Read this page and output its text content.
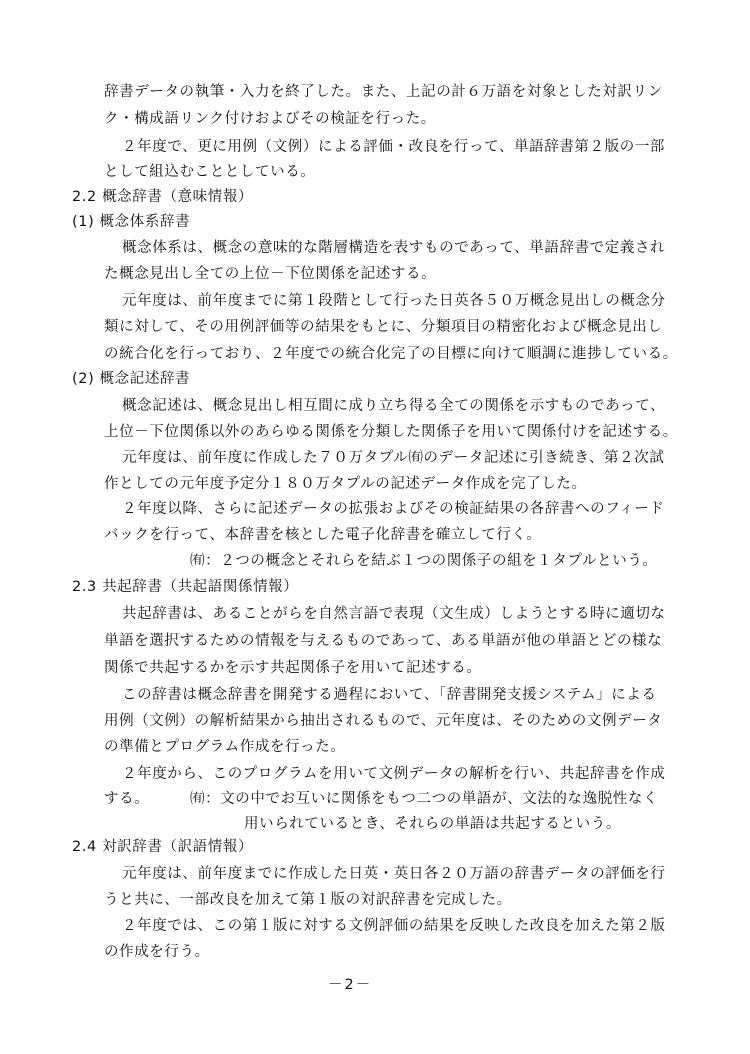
辞書データの執筆・入力を終了した。また、上記の計６万語を対象とした対訳リン
ク・構成語リンク付けおよびその検証を行った。
２年度で、更に用例（文例）による評価・改良を行って、単語辞書第２版の一部
として組込むこととしている。
2.2 概念辞書（意味情報）
(1) 概念体系辞書
概念体系は、概念の意味的な階層構造を表すものであって、単語辞書で定義され
た概念見出し全ての上位－下位関係を記述する。
元年度は、前年度までに第１段階として行った日英各５０万概念見出しの概念分
類に対して、その用例評価等の結果をもとに、分類項目の精密化および概念見出し
の統合化を行っており、２年度での統合化完了の目標に向けて順調に進捗している。
(2) 概念記述辞書
概念記述は、概念見出し相互間に成り立ち得る全ての関係を示すものであって、
上位－下位関係以外のあらゆる関係を分類した関係子を用いて関係付けを記述する。
元年度は、前年度に作成した７０万タプル㈲のデータ記述に引き続き、第２次試
作としての元年度予定分１８０万タプルの記述データ作成を完了した。
２年度以降、さらに記述データの拡張およびその検証結果の各辞書へのフィード
バックを行って、本辞書を核とした電子化辞書を確立して行く。
㈲：２つの概念とそれらを結ぶ１つの関係子の組を１タプルという。
2.3 共起辞書（共起語関係情報）
共起辞書は、あることがらを自然言語で表現（文生成）しようとする時に適切な
単語を選択するための情報を与えるものであって、ある単語が他の単語とどの様な
関係で共起するかを示す共起関係子を用いて記述する。
この辞書は概念辞書を開発する過程において、「辞書開発支援システム」による
用例（文例）の解析結果から抽出されるもので、元年度は、そのための文例データ
の準備とプログラム作成を行った。
２年度から、このプログラムを用いて文例データの解析を行い、共起辞書を作成
する。	㈲：文の中でお互いに関係をもつ二つの単語が、文法的な逸脱性なく
用いられているとき、それらの単語は共起するという。
2.4 対訳辞書（訳語情報）
元年度は、前年度までに作成した日英・英日各２０万語の辞書データの評価を行
うと共に、一部改良を加えて第１版の対訳辞書を完成した。
２年度では、この第１版に対する文例評価の結果を反映した改良を加えた第２版
の作成を行う。
－2－
